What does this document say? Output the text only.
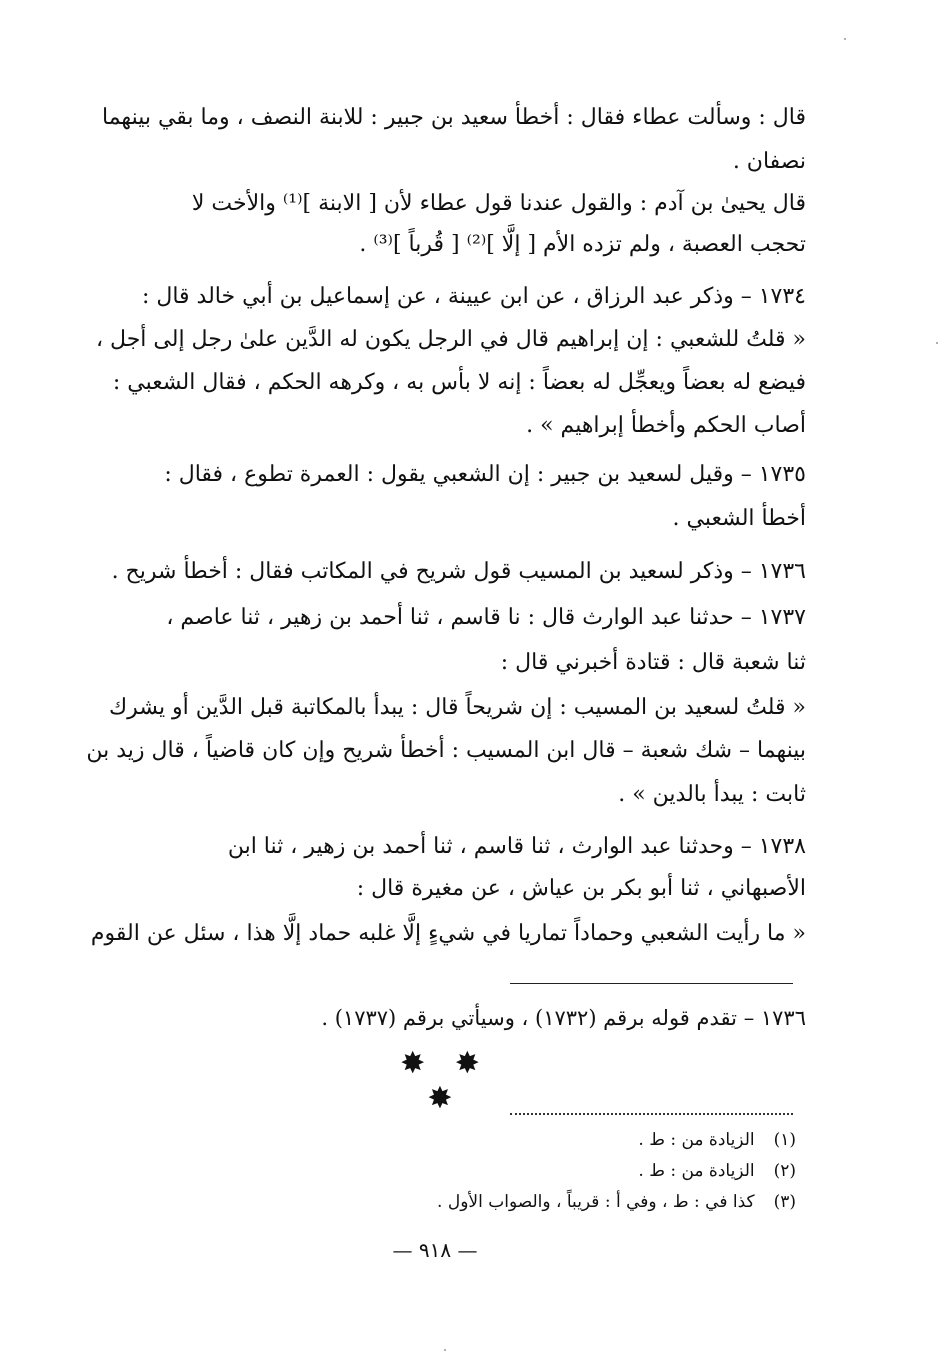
قال : وسألت عطاء فقال : أخطأ سعيد بن جبير : للابنة النصف ، وما بقي بينهما
نصفان .
قال يحيىٰ بن آدم : والقول عندنا قول عطاء لأن [ الابنة ]⁽¹⁾ والأخت لا
تحجب العصبة ، ولم تزده الأم [ إلَّا ]⁽²⁾ [ قُرباً ]⁽³⁾ .
١٧٣٤ – وذكر عبد الرزاق ، عن ابن عيينة ، عن إسماعيل بن أبي خالد قال :
« قلتُ للشعبي : إن إبراهيم قال في الرجل يكون له الدَّين علىٰ رجل إلى أجل ،
فيضع له بعضاً ويعجِّل له بعضاً : إنه لا بأس به ، وكرهه الحكم ، فقال الشعبي :
أصاب الحكم وأخطأ إبراهيم » .
١٧٣٥ – وقيل لسعيد بن جبير : إن الشعبي يقول : العمرة تطوع ، فقال :
أخطأ الشعبي .
١٧٣٦ – وذكر لسعيد بن المسيب قول شريح في المكاتب فقال : أخطأ شريح .
١٧٣٧ – حدثنا عبد الوارث قال : نا قاسم ، ثنا أحمد بن زهير ، ثنا عاصم ،
ثنا شعبة قال : قتادة أخبرني قال :
« قلتُ لسعيد بن المسيب : إن شريحاً قال : يبدأ بالمكاتبة قبل الدَّين أو يشرك
بينهما – شك شعبة – قال ابن المسيب : أخطأ شريح وإن كان قاضياً ، قال زيد بن
ثابت : يبدأ بالدين » .
١٧٣٨ – وحدثنا عبد الوارث ، ثنا قاسم ، ثنا أحمد بن زهير ، ثنا ابن
الأصبهاني ، ثنا أبو بكر بن عياش ، عن مغيرة قال :
« ما رأيت الشعبي وحماداً تماريا في شيءٍ إلَّا غلبه حماد إلَّا هذا ، سئل عن القوم
١٧٣٦ – تقدم قوله برقم (١٧٣٢) ، وسيأتي برقم (١٧٣٧) .
✸ ✸ ✸
(١) الزيادة من : ط .
(٢) الزيادة من : ط .
(٣) كذا في : ط ، وفي أ : قريباً ، والصواب الأول .
— ٩١٨ —
